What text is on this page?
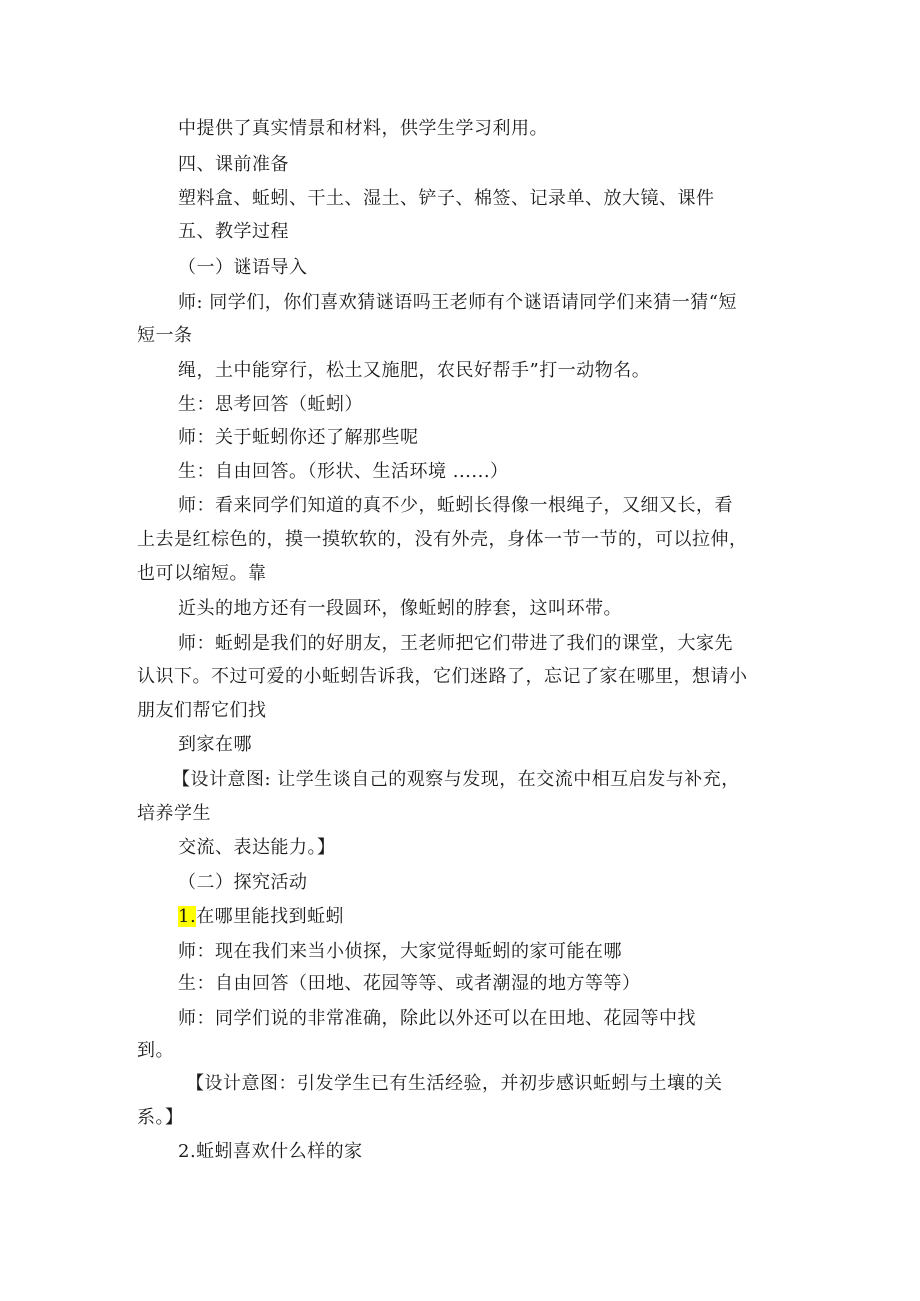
中提供了真实情景和材料，供学生学习利用。
四、课前准备
塑料盒、蚯蚓、干土、湿土、铲子、棉签、记录单、放大镜、课件
五、教学过程
（一）谜语导入
师: 同学们，你们喜欢猜谜语吗王老师有个谜语请同学们来猜一猜“短
短一条
绳，土中能穿行，松土又施肥，农民好帮手”打一动物名。
生：思考回答（蚯蚓）
师：关于蚯蚓你还了解那些呢
生：自由回答。（形状、生活环境 ......）
师：看来同学们知道的真不少，蚯蚓长得像一根绳子，又细又长，看
上去是红棕色的，摸一摸软软的，没有外壳，身体一节一节的，可以拉伸，
也可以缩短。靠
近头的地方还有一段圆环，像蚯蚓的脖套，这叫环带。
师：蚯蚓是我们的好朋友，王老师把它们带进了我们的课堂，大家先
认识下。不过可爱的小蚯蚓告诉我，它们迷路了，忘记了家在哪里，想请小
朋友们帮它们找
到家在哪
【设计意图: 让学生谈自己的观察与发现，在交流中相互启发与补充，
培养学生
交流、表达能力。】
（二）探究活动
1.在哪里能找到蚯蚓
师：现在我们来当小侦探，大家觉得蚯蚓的家可能在哪
生：自由回答（田地、花园等等、或者潮湿的地方等等）
师：同学们说的非常准确，除此以外还可以在田地、花园等中找
到。
【设计意图：引发学生已有生活经验，并初步感识蚯蚓与土壤的关
系。】
2.蚯蚓喜欢什么样的家
